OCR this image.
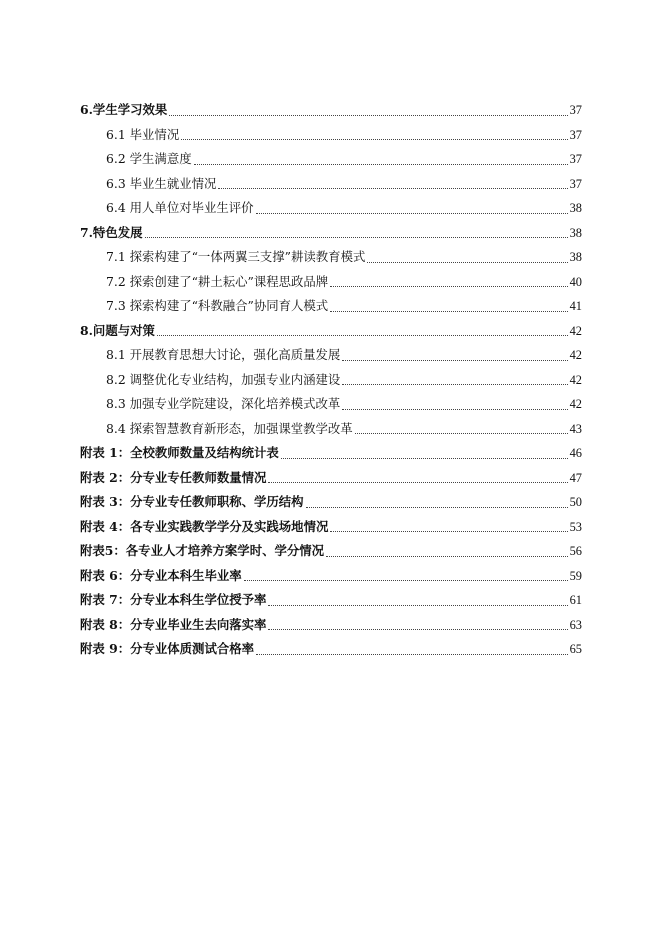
6.学生学习效果	37
6.1 毕业情况	37
6.2 学生满意度	37
6.3 毕业生就业情况	37
6.4 用人单位对毕业生评价	38
7.特色发展	38
7.1 探索构建了“一体两翼三支撑”耕读教育模式	38
7.2 探索创建了“耕土耘心”课程思政品牌	40
7.3 探索构建了“科教融合”协同育人模式	41
8.问题与对策	42
8.1 开展教育思想大讨论，强化高质量发展	42
8.2 调整优化专业结构，加强专业内涵建设	42
8.3 加强专业学院建设，深化培养模式改革	42
8.4 探索智慧教育新形态，加强课堂教学改革	43
附表 1：全校教师数量及结构统计表	46
附表 2：分专业专任教师数量情况	47
附表 3：分专业专任教师职称、学历结构	50
附表 4：各专业实践教学学分及实践场地情况	53
附表5：各专业人才培养方案学时、学分情况	56
附表 6：分专业本科生毕业率	59
附表 7：分专业本科生学位授予率	61
附表 8：分专业毕业生去向落实率	63
附表 9：分专业体质测试合格率	65
